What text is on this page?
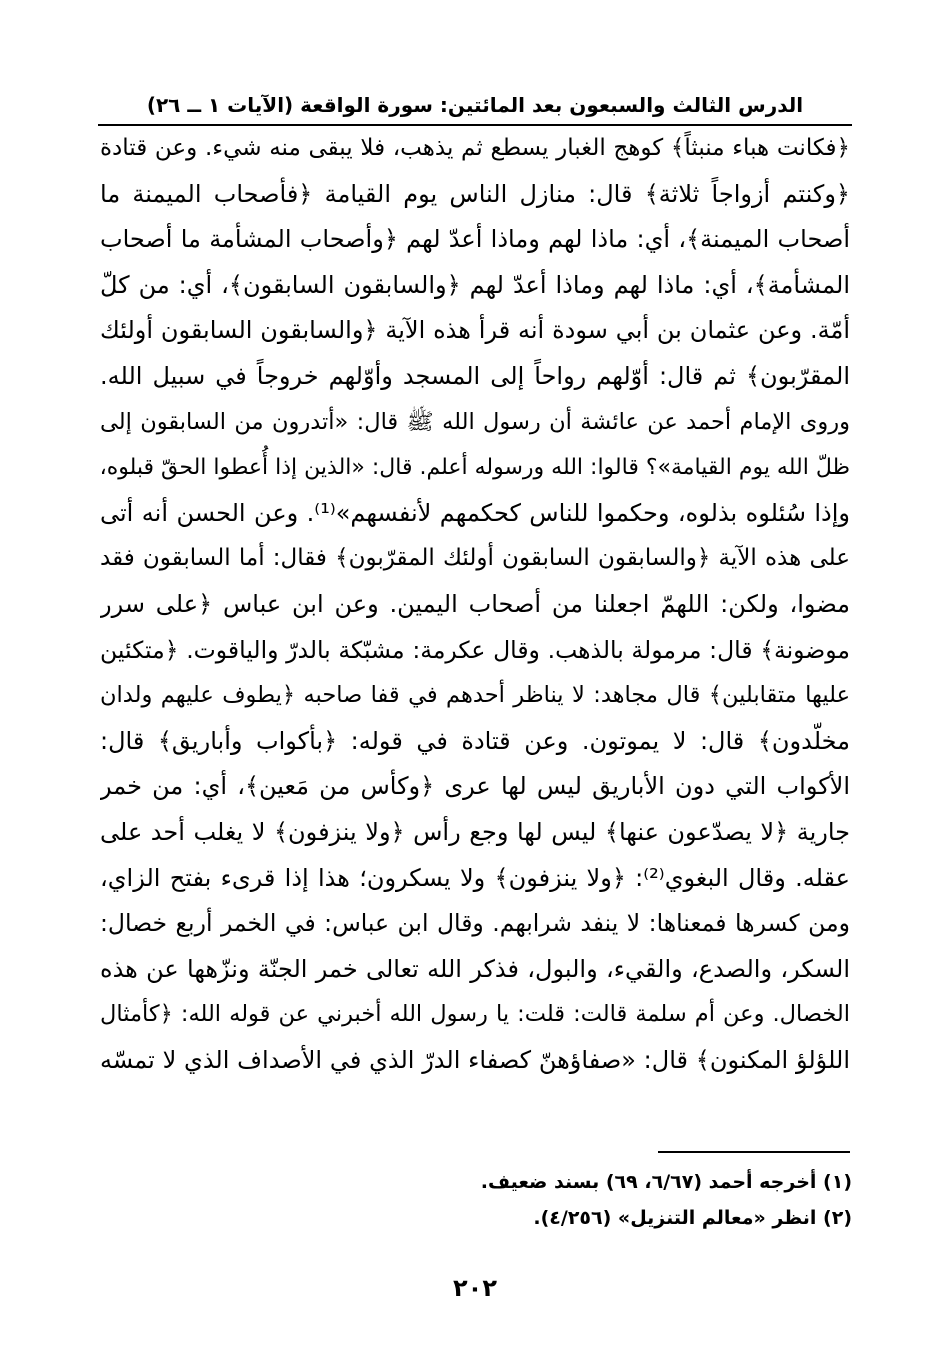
الدرس الثالث والسبعون بعد المائتين: سورة الواقعة (الآيات ١ ــ ٢٦)
﴿فكانت هباء منبثاً﴾ كوهج الغبار يسطع ثم يذهب، فلا يبقى منه شيء. وعن قتادة
﴿وكنتم أزواجاً ثلاثة﴾ قال: منازل الناس يوم القيامة ﴿فأصحاب الميمنة ما
أصحاب الميمنة﴾، أي: ماذا لهم وماذا أعدّ لهم ﴿وأصحاب المشأمة ما أصحاب
المشأمة﴾، أي: ماذا لهم وماذا أعدّ لهم ﴿والسابقون السابقون﴾، أي: من كلّ
أمّة. وعن عثمان بن أبي سودة أنه قرأ هذه الآية ﴿والسابقون السابقون أولئك
المقرّبون﴾ ثم قال: أوّلهم رواحاً إلى المسجد وأوّلهم خروجاً في سبيل الله.
وروى الإمام أحمد عن عائشة أن رسول الله ﷺ قال: «أتدرون من السابقون إلى
ظلّ الله يوم القيامة»؟ قالوا: الله ورسوله أعلم. قال: «الذين إذا أُعطوا الحقّ قبلوه،
وإذا سُئلوه بذلوه، وحكموا للناس كحكمهم لأنفسهم»⁽¹⁾. وعن الحسن أنه أتى
على هذه الآية ﴿والسابقون السابقون أولئك المقرّبون﴾ فقال: أما السابقون فقد
مضوا، ولكن: اللهمّ اجعلنا من أصحاب اليمين. وعن ابن عباس ﴿على سرر
موضونة﴾ قال: مرمولة بالذهب. وقال عكرمة: مشبّكة بالدرّ والياقوت. ﴿متكئين
عليها متقابلين﴾ قال مجاهد: لا يناظر أحدهم في قفا صاحبه ﴿يطوف عليهم ولدان
مخلّدون﴾ قال: لا يموتون. وعن قتادة في قوله: ﴿بأكواب وأباريق﴾ قال:
الأكواب التي دون الأباريق ليس لها عرى ﴿وكأس من مَعين﴾، أي: من خمر
جارية ﴿لا يصدّعون عنها﴾ ليس لها وجع رأس ﴿ولا ينزفون﴾ لا يغلب أحد على
عقله. وقال البغوي⁽²⁾: ﴿ولا ينزفون﴾ ولا يسكرون؛ هذا إذا قرىء بفتح الزاي،
ومن كسرها فمعناها: لا ينفد شرابهم. وقال ابن عباس: في الخمر أربع خصال:
السكر، والصدع، والقيء، والبول، فذكر الله تعالى خمر الجنّة ونزّهها عن هذه
الخصال. وعن أم سلمة قالت: قلت: يا رسول الله أخبرني عن قوله الله: ﴿كأمثال
اللؤلؤ المكنون﴾ قال: «صفاؤهنّ كصفاء الدرّ الذي في الأصداف الذي لا تمسّه
(١) أخرجه أحمد (٦/٦٧، ٦٩) بسند ضعيف.
(٢) انظر «معالم التنزيل» (٤/٢٥٦).
٢٠٢
